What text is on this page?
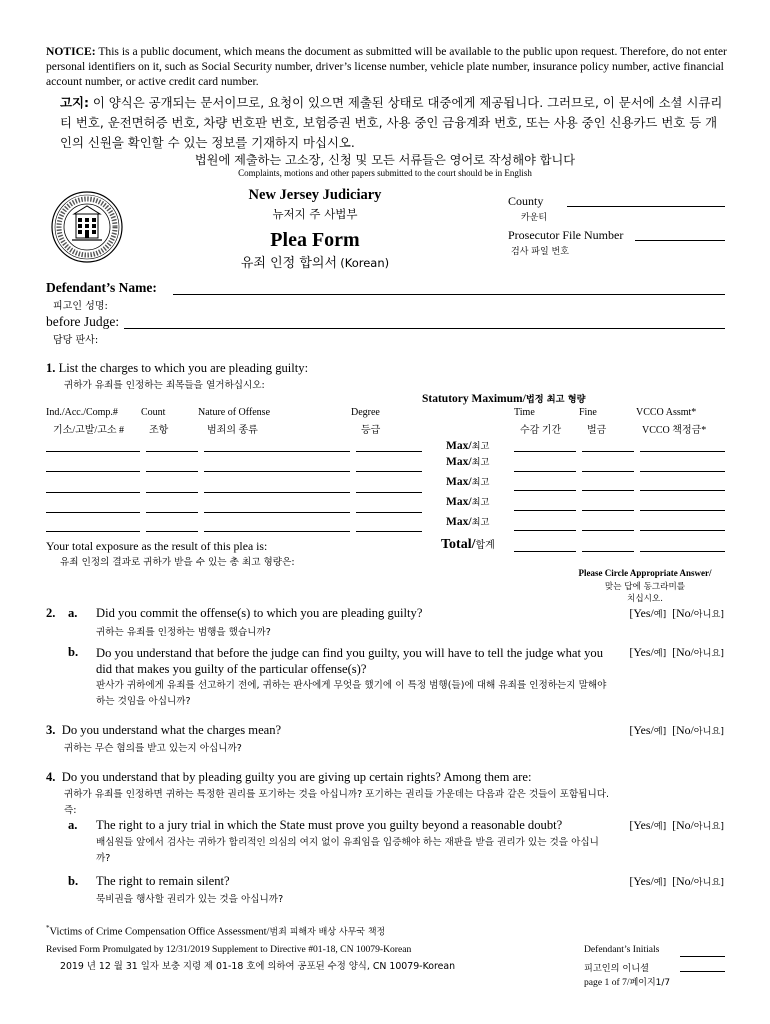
NOTICE: This is a public document, which means the document as submitted will be available to the public upon request. Therefore, do not enter personal identifiers on it, such as Social Security number, driver’s license number, vehicle plate number, insurance policy number, active financial account number, or active credit card number.
고지: 이 양식은 공개되는 문서이므로, 요청이 있으면 제출된 상태로 대중에게 제공됩니다. 그러므로, 이 문서에 소셜 시큐리티 번호, 운전면허증 번호, 차량 번호판 번호, 보험증권 번호, 사용 중인 금융계좌 번호, 또는 사용 중인 신용카드 번호 등 개인의 신원을 확인할 수 있는 정보를 기재하지 마십시오.
법원에 제출하는 고소장, 신청 및 모든 서류들은 영어로 작성해야 합니다
Complaints, motions and other papers submitted to the court should be in English
New Jersey Judiciary
뉴저지 주 사법부
Plea Form
유죄 인정 합의서 (Korean)
County
카운티
Prosecutor File Number
검사 파일 번호
Defendant’s Name:
피고인 성명:
before Judge:
담당 판사:
1. List the charges to which you are pleading guilty:
귀하가 유죄를 인정하는 죄목들을 열거하십시오:
Statutory Maximum/법정 최고 형량
Ind./Acc./Comp.#
기소/고발/고소 #
Count
조항
Nature of Offense
범죄의 종류
Degree
등급
Time
수감 기간
Fine
벌금
VCCO Assmt*
VCCO 책정금*
Max/최고
Max/최고
Max/최고
Max/최고
Max/최고
Your total exposure as the result of this plea is:
유죄 인정의 결과로 귀하가 받을 수 있는 총 최고 형량은:
Total/합계
Please Circle Appropriate Answer/
맞는 답에 동그라미를
치십시오.
2. a. Did you commit the offense(s) to which you are pleading guilty?
귀하는 유죄를 인정하는 범행을 했습니까?
[Yes/예] [No/아니요]
b. Do you understand that before the judge can find you guilty, you will have to tell the judge what you did that makes you guilty of the particular offense(s)?
판사가 귀하에게 유죄를 선고하기 전에, 귀하는 판사에게 무엇을 했기에 이 특정 범행(들)에 대해 유죄를 인정하는지 말해야 하는 것임을 아십니까?
[Yes/예] [No/아니요]
3. Do you understand what the charges mean?
귀하는 무슨 혐의를 받고 있는지 아십니까?
[Yes/예] [No/아니요]
4. Do you understand that by pleading guilty you are giving up certain rights? Among them are:
귀하가 유죄를 인정하면 귀하는 특정한 권리를 포기하는 것을 아십니까? 포기하는 권리들 가운데는 다음과 같은 것들이 포함됩니다. 즉:
a. The right to a jury trial in which the State must prove you guilty beyond a reasonable doubt?
배심원들 앞에서 검사는 귀하가 합리적인 의심의 여지 없이 유죄임을 입증해야 하는 재판을 받을 권리가 있는 것을 아십니까?
[Yes/예] [No/아니요]
b. The right to remain silent?
묵비권을 행사할 권리가 있는 것을 아십니까?
[Yes/예] [No/아니요]
*Victims of Crime Compensation Office Assessment/범죄 피해자 배상 사무국 책정
Revised Form Promulgated by 12/31/2019 Supplement to Directive #01-18, CN 10079-Korean
2019 년 12 월 31 일자 보충 지령 제 01-18 호에 의하여 공포된 수정 양식, CN 10079-Korean
Defendant’s Initials
피고인의 이니셜
page 1 of 7/페이지1/7
